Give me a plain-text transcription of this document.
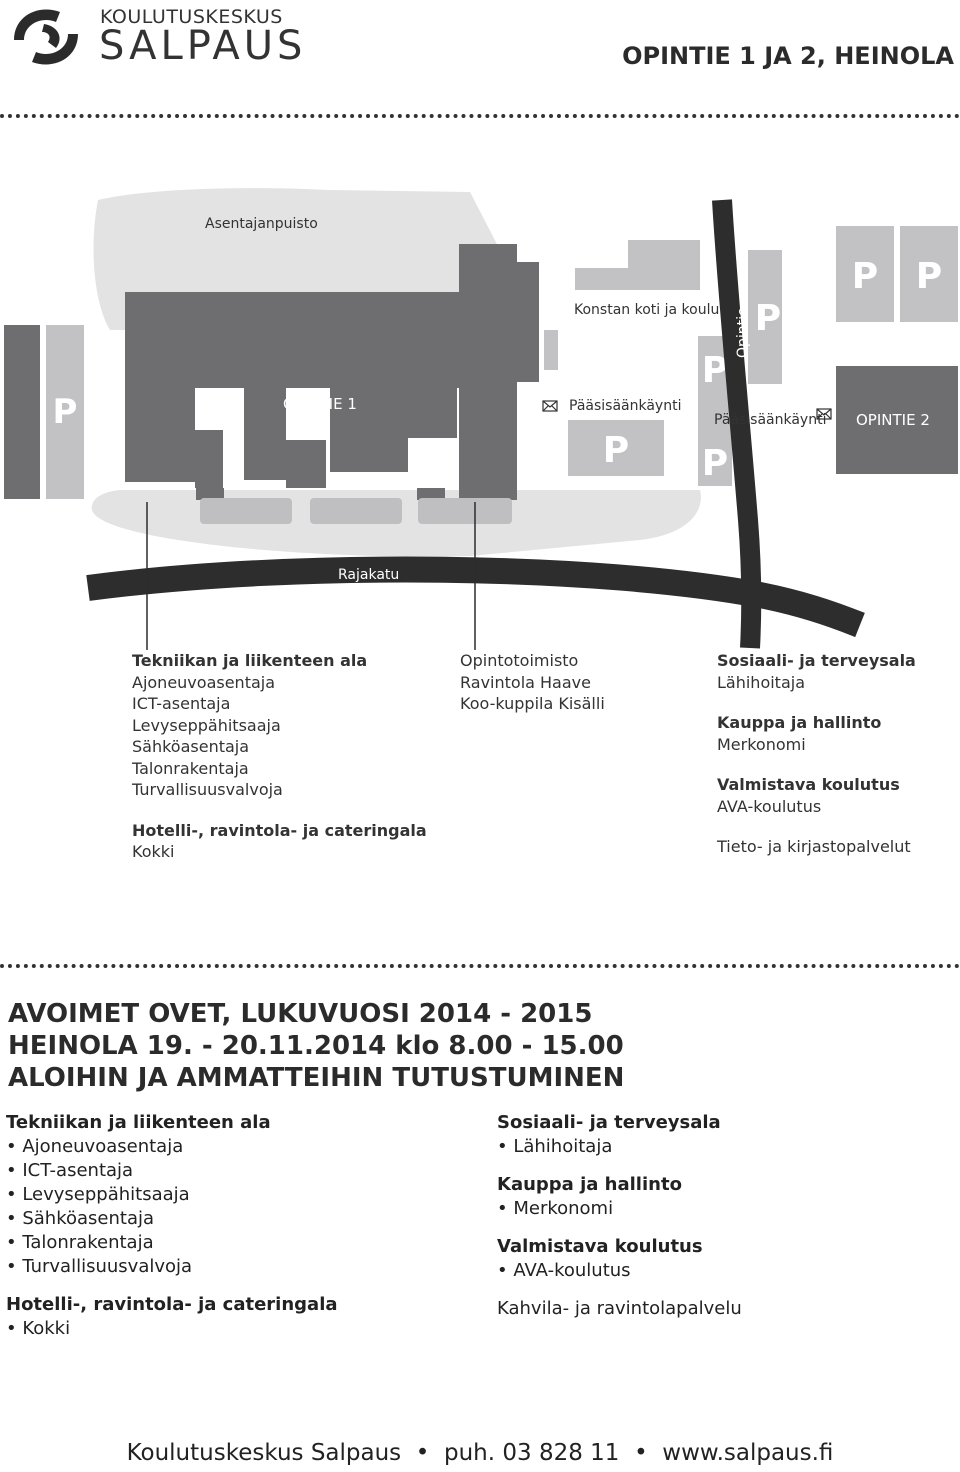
KOULUTUSKESKUS
SALPAUS	OPINTIE 1 JA 2, HEINOLA
P
P
P
P
P
P P
Asentajanpuisto
Konstan koti ja koulu
OPINTIE 1	Pääsisäänkäynti
Pääsisäänkäynti OPINTIE 2
Opintie
Rajakatu
Tekniikan ja liikenteen ala
Ajoneuvoasentaja
ICT-asentaja
Levyseppähitsaaja
Sähköasentaja
Talonrakentaja
Turvallisuusvalvoja
Hotelli-, ravintola- ja cateringala
Kokki
Opintotoimisto
Ravintola Haave
Koo-kuppila Kisälli
Sosiaali- ja terveysala
Lähihoitaja
Kauppa ja hallinto
Merkonomi
Valmistava koulutus
AVA-koulutus
Tieto- ja kirjastopalvelut
AVOIMET OVET, LUKUVUOSI 2014 - 2015
HEINOLA 19. - 20.11.2014 klo 8.00 - 15.00
ALOIHIN JA AMMATTEIHIN TUTUSTUMINEN
Tekniikan ja liikenteen ala
• Ajoneuvoasentaja
• ICT-asentaja
• Levyseppähitsaaja
• Sähköasentaja
• Talonrakentaja
• Turvallisuusvalvoja
Hotelli-, ravintola- ja cateringala
• Kokki
Sosiaali- ja terveysala
• Lähihoitaja
Kauppa ja hallinto
• Merkonomi
Valmistava koulutus
• AVA-koulutus
Kahvila- ja ravintolapalvelu
Koulutuskeskus Salpaus • puh. 03 828 11 • www.salpaus.fi
